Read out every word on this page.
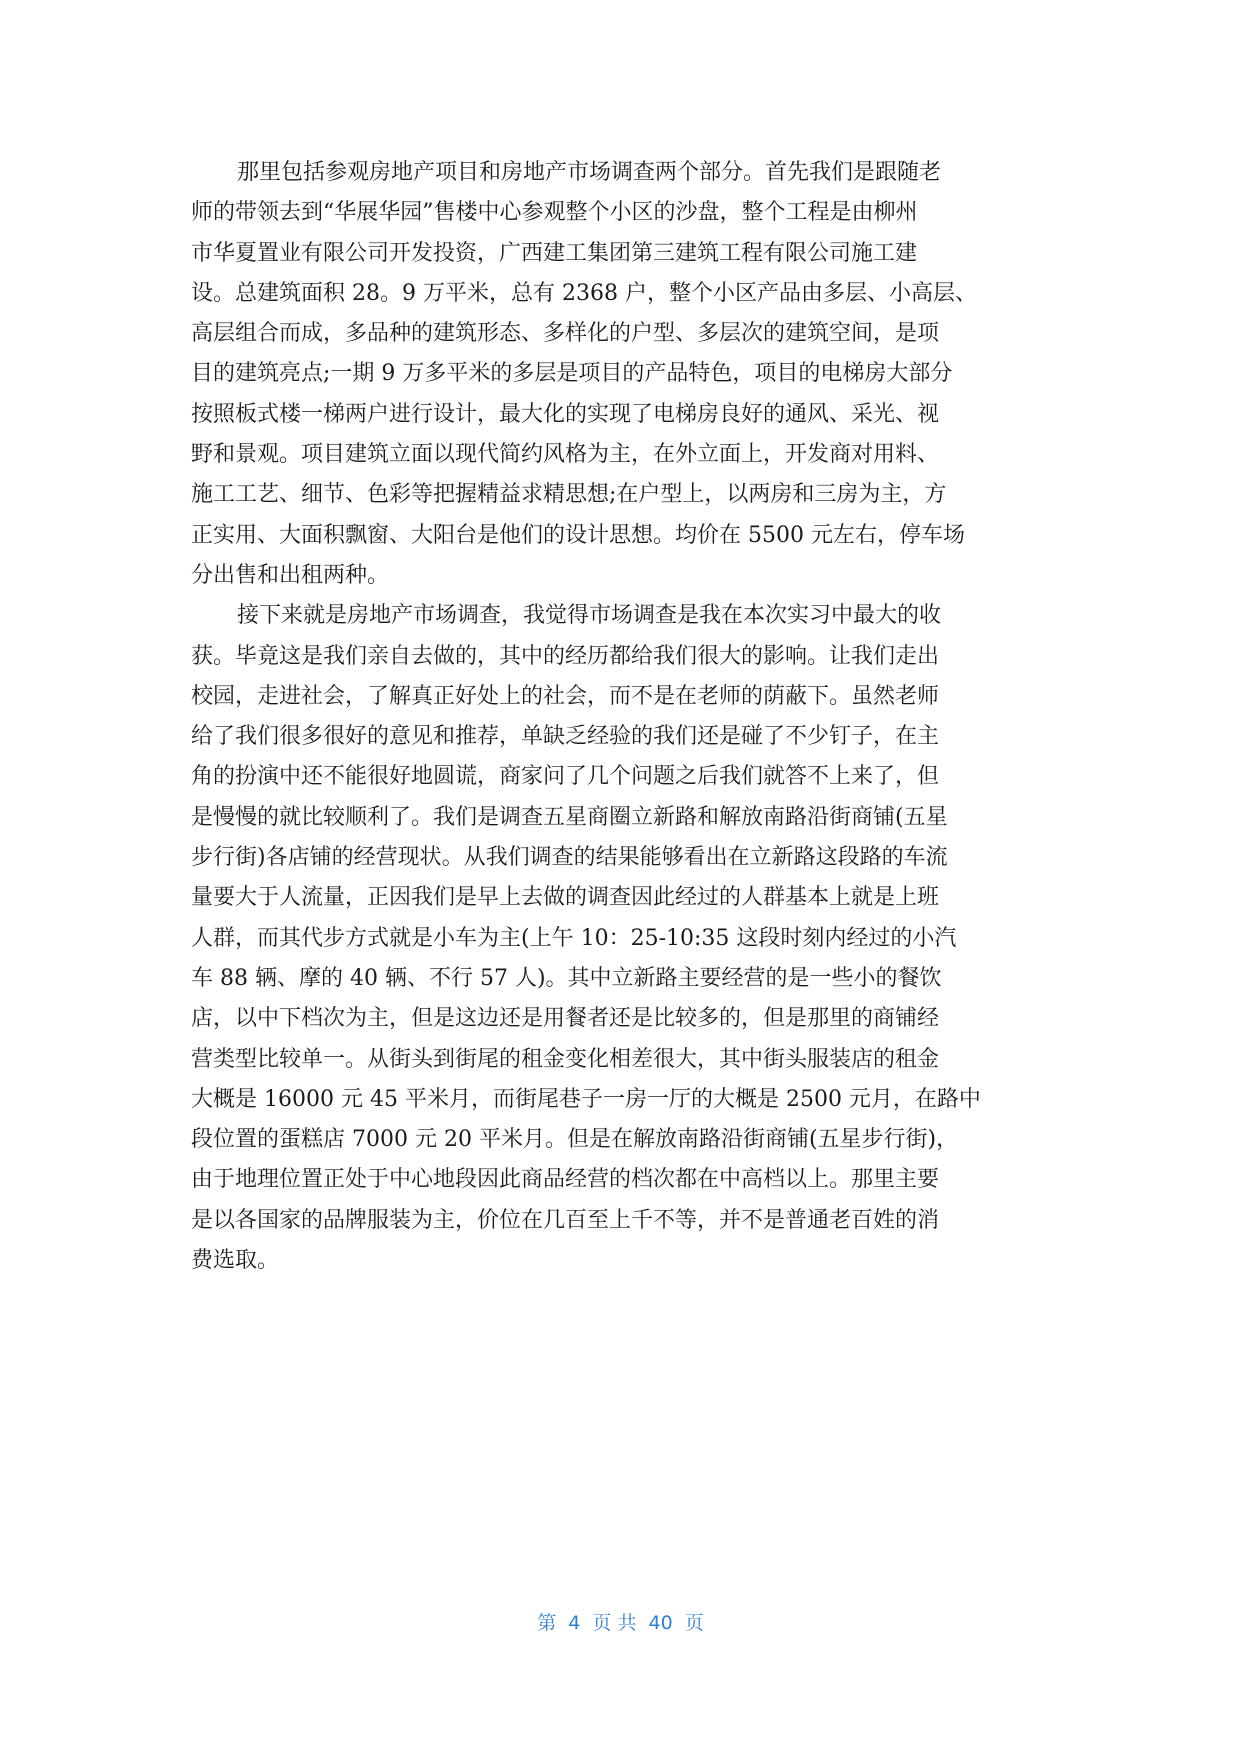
那里包括参观房地产项目和房地产市场调查两个部分。首先我们是跟随老
师的带领去到“华展华园”售楼中心参观整个小区的沙盘，整个工程是由柳州
市华夏置业有限公司开发投资，广西建工集团第三建筑工程有限公司施工建
设。总建筑面积 28。9 万平米，总有 2368 户，整个小区产品由多层、小高层、
高层组合而成，多品种的建筑形态、多样化的户型、多层次的建筑空间，是项
目的建筑亮点;一期 9 万多平米的多层是项目的产品特色，项目的电梯房大部分
按照板式楼一梯两户进行设计，最大化的实现了电梯房良好的通风、采光、视
野和景观。项目建筑立面以现代简约风格为主，在外立面上，开发商对用料、
施工工艺、细节、色彩等把握精益求精思想;在户型上，以两房和三房为主，方
正实用、大面积飘窗、大阳台是他们的设计思想。均价在 5500 元左右，停车场
分出售和出租两种。
接下来就是房地产市场调查，我觉得市场调查是我在本次实习中最大的收
获。毕竟这是我们亲自去做的，其中的经历都给我们很大的影响。让我们走出
校园，走进社会，了解真正好处上的社会，而不是在老师的荫蔽下。虽然老师
给了我们很多很好的意见和推荐，单缺乏经验的我们还是碰了不少钉子，在主
角的扮演中还不能很好地圆谎，商家问了几个问题之后我们就答不上来了，但
是慢慢的就比较顺利了。我们是调查五星商圈立新路和解放南路沿街商铺(五星
步行街)各店铺的经营现状。从我们调查的结果能够看出在立新路这段路的车流
量要大于人流量，正因我们是早上去做的调查因此经过的人群基本上就是上班
人群，而其代步方式就是小车为主(上午 10：25-10:35 这段时刻内经过的小汽
车 88 辆、摩的 40 辆、不行 57 人)。其中立新路主要经营的是一些小的餐饮
店，以中下档次为主，但是这边还是用餐者还是比较多的，但是那里的商铺经
营类型比较单一。从街头到街尾的租金变化相差很大，其中街头服装店的租金
大概是 16000 元 45 平米月，而街尾巷子一房一厅的大概是 2500 元月，在路中
段位置的蛋糕店 7000 元 20 平米月。但是在解放南路沿街商铺(五星步行街)，
由于地理位置正处于中心地段因此商品经营的档次都在中高档以上。那里主要
是以各国家的品牌服装为主，价位在几百至上千不等，并不是普通老百姓的消
费选取。
第  4  页 共  40  页
